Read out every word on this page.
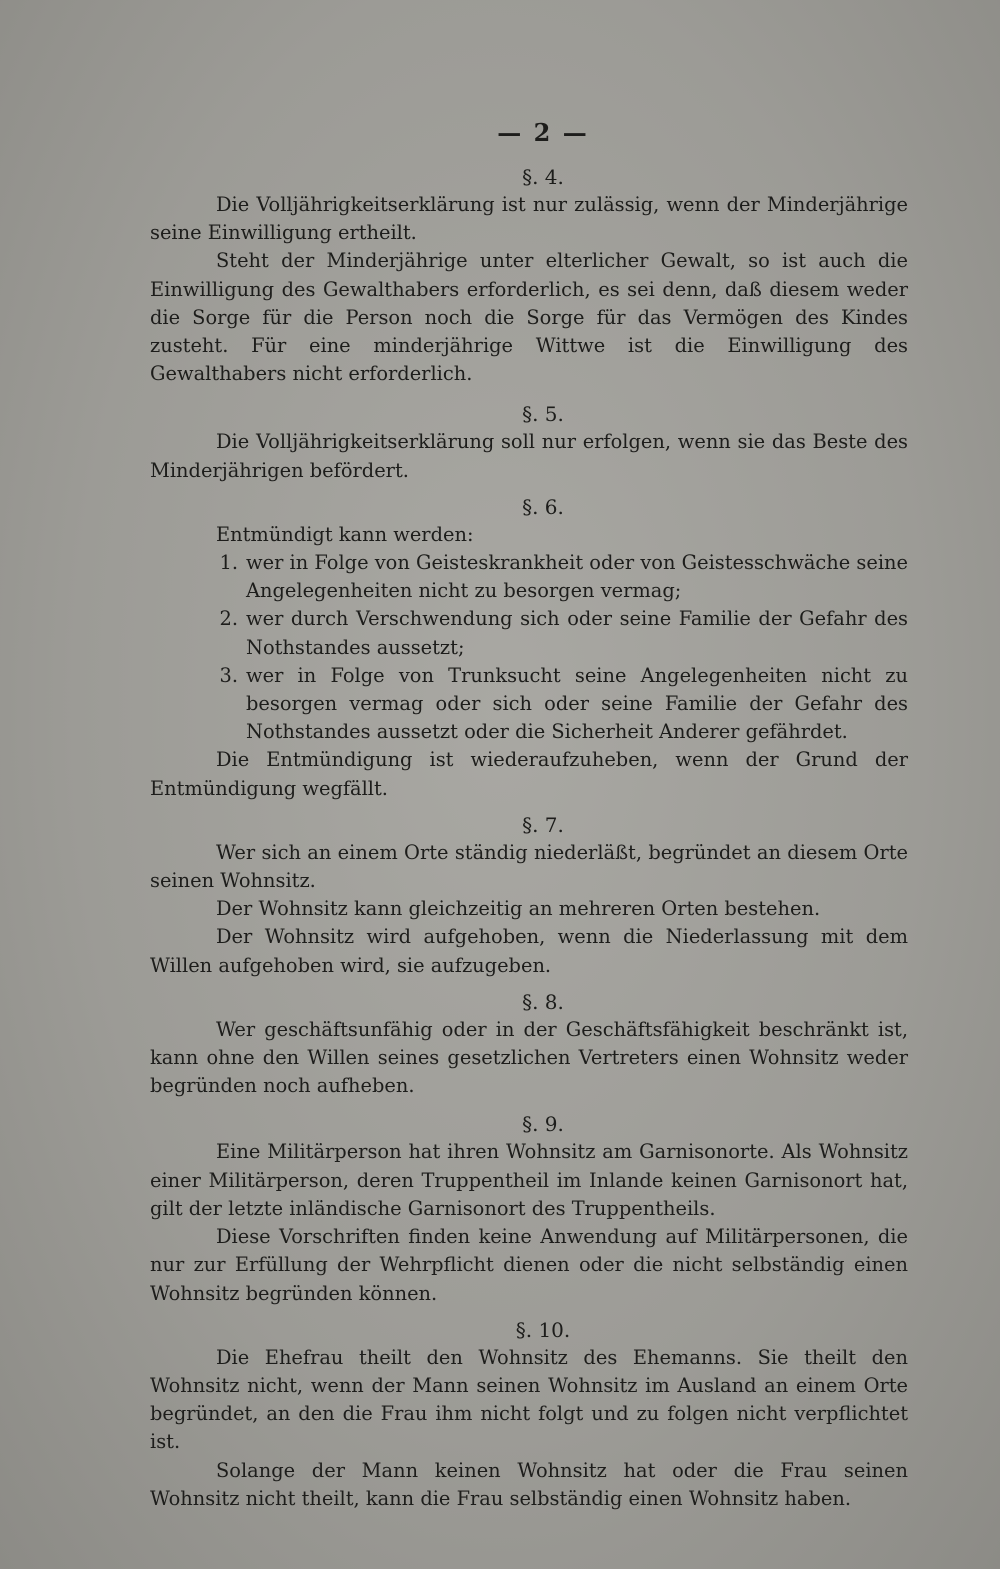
— 2 —
§. 4.

Die Volljährigkeitserklärung ist nur zulässig, wenn der Minderjährige seine Einwilligung ertheilt.

Steht der Minderjährige unter elterlicher Gewalt, so ist auch die Einwilligung des Gewalthabers erforderlich, es sei denn, daß diesem weder die Sorge für die Person noch die Sorge für das Vermögen des Kindes zusteht. Für eine minderjährige Wittwe ist die Einwilligung des Gewalthabers nicht erforderlich.

§. 5.

Die Volljährigkeitserklärung soll nur erfolgen, wenn sie das Beste des Minderjährigen befördert.

§. 6.

Entmündigt kann werden:

1. wer in Folge von Geisteskrankheit oder von Geistesschwäche seine Angelegenheiten nicht zu besorgen vermag;
2. wer durch Verschwendung sich oder seine Familie der Gefahr des Nothstandes aussetzt;
3. wer in Folge von Trunksucht seine Angelegenheiten nicht zu besorgen vermag oder sich oder seine Familie der Gefahr des Nothstandes aussetzt oder die Sicherheit Anderer gefährdet.

Die Entmündigung ist wiederaufzuheben, wenn der Grund der Entmündigung wegfällt.

§. 7.

Wer sich an einem Orte ständig niederläßt, begründet an diesem Orte seinen Wohnsitz.

Der Wohnsitz kann gleichzeitig an mehreren Orten bestehen.

Der Wohnsitz wird aufgehoben, wenn die Niederlassung mit dem Willen aufgehoben wird, sie aufzugeben.

§. 8.

Wer geschäftsunfähig oder in der Geschäftsfähigkeit beschränkt ist, kann ohne den Willen seines gesetzlichen Vertreters einen Wohnsitz weder begründen noch aufheben.

§. 9.

Eine Militärperson hat ihren Wohnsitz am Garnisonorte. Als Wohnsitz einer Militärperson, deren Truppentheil im Inlande keinen Garnisonort hat, gilt der letzte inländische Garnisonort des Truppentheils.

Diese Vorschriften finden keine Anwendung auf Militärpersonen, die nur zur Erfüllung der Wehrpflicht dienen oder die nicht selbständig einen Wohnsitz begründen können.

§. 10.

Die Ehefrau theilt den Wohnsitz des Ehemanns. Sie theilt den Wohnsitz nicht, wenn der Mann seinen Wohnsitz im Ausland an einem Orte begründet, an den die Frau ihm nicht folgt und zu folgen nicht verpflichtet ist.

Solange der Mann keinen Wohnsitz hat oder die Frau seinen Wohnsitz nicht theilt, kann die Frau selbständig einen Wohnsitz haben.
